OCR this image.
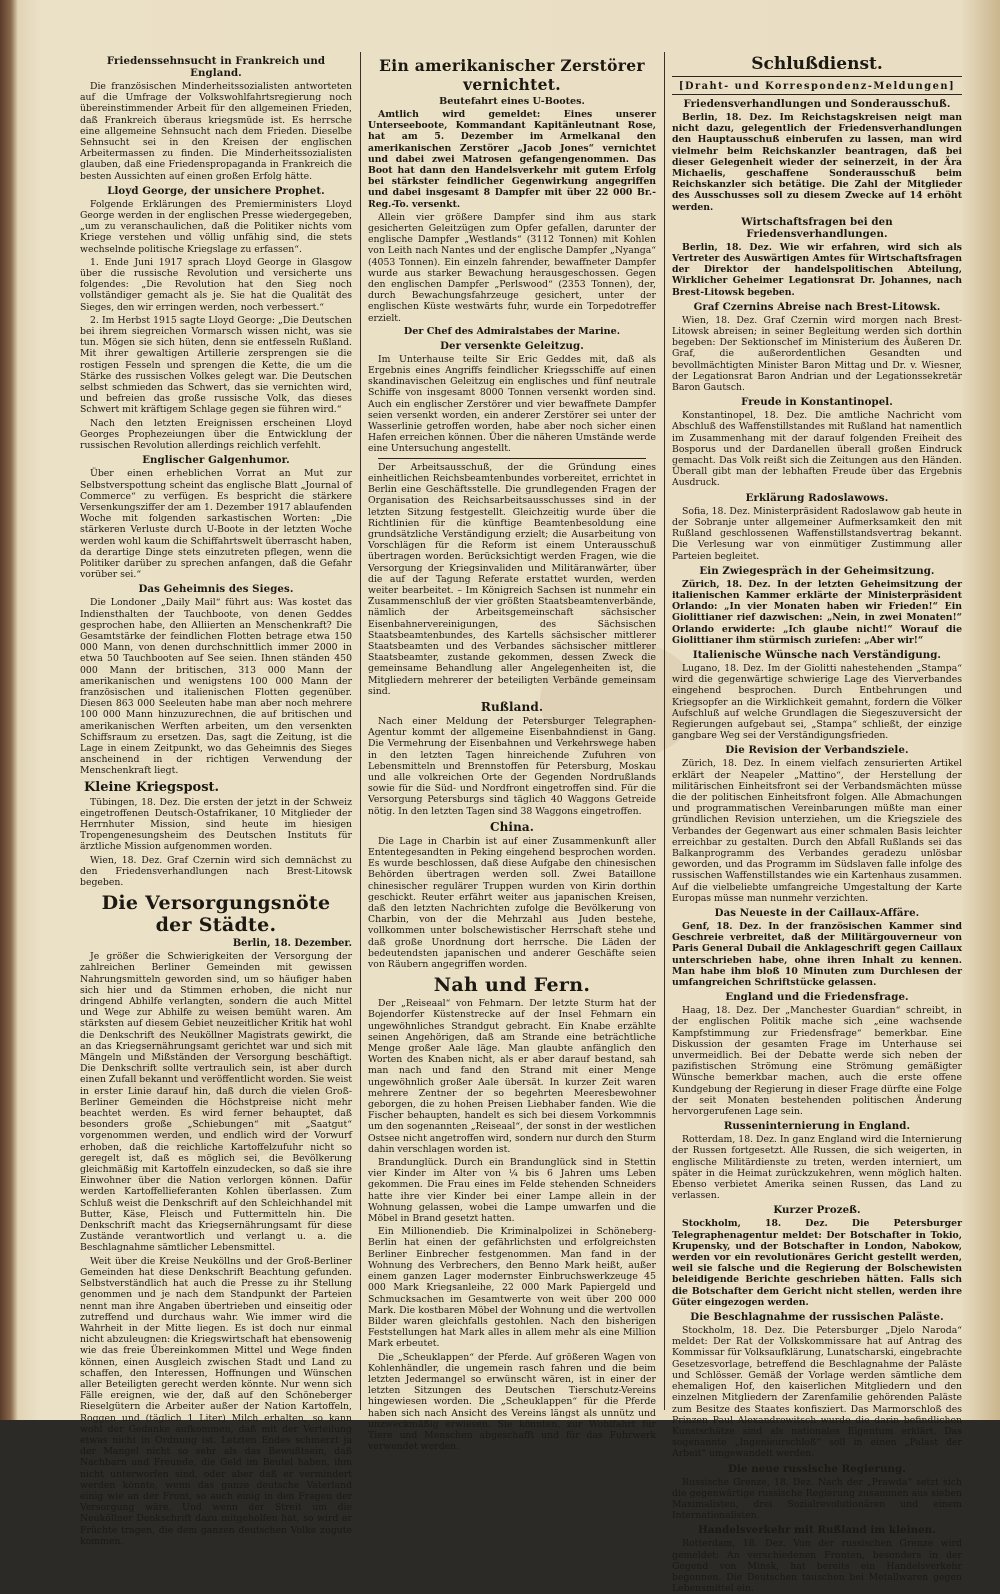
Friedenssehnsucht in Frankreich und England.

Die französischen Minderheitssozialisten antworteten auf die Umfrage der Volkswohlfahrtsregierung noch übereinstimmender Arbeit für den allgemeinen Frieden, daß Frankreich überaus kriegsmüde ist. Es herrsche eine allgemeine Sehnsucht nach dem Frieden. Dieselbe Sehnsucht sei in den Kreisen der englischen Arbeitermassen zu finden. Die Minderheitssozialisten glauben, daß eine Friedenspropaganda in Frankreich die besten Aussichten auf einen großen Erfolg hätte.

Lloyd George, der unsichere Prophet.

Folgende Erklärungen des Premierministers Lloyd George werden in der englischen Presse wiedergegeben, „um zu veranschaulichen, daß die Politiker nichts vom Kriege verstehen und völlig unfähig sind, die stets wechselnde politische Kriegslage zu erfassen“.

1. Ende Juni 1917 sprach Lloyd George in Glasgow über die russische Revolution und versicherte uns folgendes: „Die Revolution hat den Sieg noch vollständiger gemacht als je. Sie hat die Qualität des Sieges, den wir erringen werden, noch verbessert.“

2. Im Herbst 1915 sagte Lloyd George: „Die Deutschen bei ihrem siegreichen Vormarsch wissen nicht, was sie tun. Mögen sie sich hüten, denn sie entfesseln Rußland. Mit ihrer gewaltigen Artillerie zersprengen sie die rostigen Fesseln und sprengen die Kette, die um die Stärke des russischen Volkes gelegt war. Die Deutschen selbst schmieden das Schwert, das sie vernichten wird, und befreien das große russische Volk, das dieses Schwert mit kräftigem Schlage gegen sie führen wird.“

Nach den letzten Ereignissen erscheinen Lloyd Georges Prophezeiungen über die Entwicklung der russischen Revolution allerdings reichlich verfehlt.

Englischer Galgenhumor.

Über einen erheblichen Vorrat an Mut zur Selbstverspottung scheint das englische Blatt „Journal of Commerce“ zu verfügen. Es bespricht die stärkere Versenkungsziffer der am 1. Dezember 1917 ablaufenden Woche mit folgenden sarkastischen Worten: „Die stärkeren Verluste durch U-Boote in der letzten Woche werden wohl kaum die Schiffahrtswelt überrascht haben, da derartige Dinge stets einzutreten pflegen, wenn die Politiker darüber zu sprechen anfangen, daß die Gefahr vorüber sei.“

Das Geheimnis des Sieges.

Die Londoner „Daily Mail“ führt aus: Was kostet das Indiensthalten der Tauchboote, von denen Geddes gesprochen habe, den Alliierten an Menschenkraft? Die Gesamtstärke der feindlichen Flotten betrage etwa 150 000 Mann, von denen durchschnittlich immer 2000 in etwa 50 Tauchbooten auf See seien. Ihnen ständen 450 000 Mann der britischen, 313 000 Mann der amerikanischen und wenigstens 100 000 Mann der französischen und italienischen Flotten gegenüber. Diesen 863 000 Seeleuten habe man aber noch mehrere 100 000 Mann hinzuzurechnen, die auf britischen und amerikanischen Werften arbeiten, um den versenkten Schiffsraum zu ersetzen. Das, sagt die Zeitung, ist die Lage in einem Zeitpunkt, wo das Geheimnis des Sieges anscheinend in der richtigen Verwendung der Menschenkraft liegt.

Kleine Kriegspost.

Tübingen, 18. Dez. Die ersten der jetzt in der Schweiz eingetroffenen Deutsch-Ostafrikaner, 10 Mitglieder der Herrnhuter Mission, sind heute im hiesigen Tropengenesungsheim des Deutschen Instituts für ärztliche Mission aufgenommen worden.

Wien, 18. Dez. Graf Czernin wird sich demnächst zu den Friedensverhandlungen nach Brest-Litowsk begeben.

Die Versorgungsnöte der Städte.
Berlin, 18. Dezember.

Je größer die Schwierigkeiten der Versorgung der zahlreichen Berliner Gemeinden mit gewissen Nahrungsmitteln geworden sind, um so häufiger haben sich hier und da Stimmen erhoben, die nicht nur dringend Abhilfe verlangten, sondern die auch Mittel und Wege zur Abhilfe zu weisen bemüht waren. Am stärksten auf diesem Gebiet neuzeitlicher Kritik hat wohl die Denkschrift des Neuköllner Magistrats gewirkt, die an das Kriegsernährungsamt gerichtet war und sich mit Mängeln und Mißständen der Versorgung beschäftigt. Die Denkschrift sollte vertraulich sein, ist aber durch einen Zufall bekannt und veröffentlicht worden. Sie weist in erster Linie darauf hin, daß durch die vielen Groß-Berliner Gemeinden die Höchstpreise nicht mehr beachtet werden. Es wird ferner behauptet, daß besonders große „Schiebungen“ mit „Saatgut“ vorgenommen werden, und endlich wird der Vorwurf erhoben, daß die reichliche Kartoffelzufuhr nicht so geregelt ist, daß es möglich sei, die Bevölkerung gleichmäßig mit Kartoffeln einzudecken, so daß sie ihre Einwohner über die Nation verlorgen können. Dafür werden Kartoffellieferanten Kohlen überlassen. Zum Schluß weist die Denkschrift auf den Schleichhandel mit Butter, Käse, Fleisch und Futtermitteln hin. Die Denkschrift macht das Kriegsernährungsamt für diese Zustände verantwortlich und verlangt u. a. die Beschlagnahme sämtlicher Lebensmittel.

Weit über die Kreise Neuköllns und der Groß-Berliner Gemeinden hat diese Denkschrift Beachtung gefunden. Selbstverständlich hat auch die Presse zu ihr Stellung genommen und je nach dem Standpunkt der Parteien nennt man ihre Angaben übertrieben und einseitig oder zutreffend und durchaus wahr. Wie immer wird die Wahrheit in der Mitte liegen. Es ist doch nur einmal nicht abzuleugnen: die Kriegswirtschaft hat ebensowenig wie das freie Übereinkommen Mittel und Wege finden können, einen Ausgleich zwischen Stadt und Land zu schaffen, den Interessen, Hoffnungen und Wünschen aller Beteiligten gerecht werden könnte. Nur wenn sich Fälle ereignen, wie der, daß auf den Schöneberger Rieselgütern die Arbeiter außer der Nation Kartoffeln, Roggen und (täglich 1 Liter) Milch erhalten, so kann wohl der Gedanke aufkommen, daß mit der Verteilung etwas nicht in Ordnung ist. Letzten Endes schmerzt ja der Mangel nicht so sehr als das Bewußtsein, daß Nachbarn und Freunde, die Geld im Beutel haben, ihm nicht unterworfen sind, oder aber daß er vermindert werden könnte, wenn das ganze deutsche Vaterland einig wie an der Front, so auch einig in den Fragen der Versorgung wäre. Und wenn der Streit um die Neuköllner Denkschrift dazu mitgeholfen hat, so wird er Früchte tragen, die dem ganzen deutschen Volke zugute kommen.

Ein amerikanischer Zerstörer vernichtet.
Beutefahrt eines U-Bootes.

Amtlich wird gemeldet: Eines unserer Unterseeboote, Kommandant Kapitänleutnant Rose, hat am 5. Dezember im Armelkanal den amerikanischen Zerstörer „Jacob Jones“ vernichtet und dabei zwei Matrosen gefangengenommen. Das Boot hat dann den Handelsverkehr mit gutem Erfolg bei stärkster feindlicher Gegenwirkung angegriffen und dabei insgesamt 8 Dampfer mit über 22 000 Br.-Reg.-To. versenkt.

Allein vier größere Dampfer sind ihm aus stark gesicherten Geleitzügen zum Opfer gefallen, darunter der englische Dampfer „Westlands“ (3112 Tonnen) mit Kohlen von Leith nach Nantes und der englische Dampfer „Nyanga“ (4053 Tonnen). Ein einzeln fahrender, bewaffneter Dampfer wurde aus starker Bewachung herausgeschossen. Gegen den englischen Dampfer „Perlswood“ (2353 Tonnen), der, durch Bewachungsfahrzeuge gesichert, unter der englischen Küste westwärts fuhr, wurde ein Torpedotreffer erzielt.

Der Chef des Admiralstabes der Marine.
Der versenkte Geleitzug.

Im Unterhause teilte Sir Eric Geddes mit, daß als Ergebnis eines Angriffs feindlicher Kriegsschiffe auf einen skandinavischen Geleitzug ein englisches und fünf neutrale Schiffe von insgesamt 8000 Tonnen versenkt worden sind. Auch ein englischer Zerstörer und vier bewaffnete Dampfer seien versenkt worden, ein anderer Zerstörer sei unter der Wasserlinie getroffen worden, habe aber noch sicher einen Hafen erreichen können. Über die näheren Umstände werde eine Untersuchung angestellt.

Der Arbeitsausschuß, der die Gründung eines einheitlichen Reichsbeamtenbundes vorbereitet, errichtet in Berlin eine Geschäftsstelle. Die grundlegenden Fragen der Organisation des Reichsarbeitsausschusses sind in der letzten Sitzung festgestellt. Gleichzeitig wurde über die Richtlinien für die künftige Beamtenbesoldung eine grundsätzliche Verständigung erzielt; die Ausarbeitung von Vorschlägen für die Reform ist einem Unterausschuß übertragen worden. Berücksichtigt werden Fragen, wie die Versorgung der Kriegsinvaliden und Militäranwärter, über die auf der Tagung Referate erstattet wurden, werden weiter bearbeitet. – Im Königreich Sachsen ist nunmehr ein Zusammenschluß der vier größten Staatsbeamtenverbände, nämlich der Arbeitsgemeinschaft sächsischer Eisenbahnervereinigungen, des Sächsischen Staatsbeamtenbundes, des Kartells sächsischer mittlerer Staatsbeamten und des Verbandes sächsischer mittlerer Staatsbeamter, zustande gekommen, dessen Zweck die gemeinsame Behandlung aller Angelegenheiten ist, die Mitgliedern mehrerer der beteiligten Verbände gemeinsam sind.

Rußland.

Nach einer Meldung der Petersburger Telegraphen-Agentur kommt der allgemeine Eisenbahndienst in Gang. Die Vermehrung der Eisenbahnen und Verkehrswege haben in den letzten Tagen hinreichende Zufuhren von Lebensmitteln und Brennstoffen für Petersburg, Moskau und alle volkreichen Orte der Gegenden Nordrußlands sowie für die Süd- und Nordfront eingetroffen sind. Für die Versorgung Petersburgs sind täglich 40 Waggons Getreide nötig. In den letzten Tagen sind 38 Waggons eingetroffen.

China.

Die Lage in Charbin ist auf einer Zusammenkunft aller Ententegesandten in Peking eingehend besprochen worden. Es wurde beschlossen, daß diese Aufgabe den chinesischen Behörden übertragen werden soll. Zwei Bataillone chinesischer regulärer Truppen wurden von Kirin dorthin geschickt. Reuter erfährt weiter aus japanischen Kreisen, daß den letzten Nachrichten zufolge die Bevölkerung von Charbin, von der die Mehrzahl aus Juden bestehe, vollkommen unter bolschewistischer Herrschaft stehe und daß große Unordnung dort herrsche. Die Läden der bedeutendsten japanischen und anderer Geschäfte seien von Räubern angegriffen worden.

Nah und Fern.

Der „Reiseaal“ von Fehmarn. Der letzte Sturm hat der Bojendorfer Küstenstrecke auf der Insel Fehmarn ein ungewöhnliches Strandgut gebracht. Ein Knabe erzählte seinen Angehörigen, daß am Strande eine beträchtliche Menge großer Aale läge. Man glaubte anfänglich den Worten des Knaben nicht, als er aber darauf bestand, sah man nach und fand den Strand mit einer Menge ungewöhnlich großer Aale übersät. In kurzer Zeit waren mehrere Zentner der so begehrten Meeresbewohner geborgen, die zu hohen Preisen Liebhaber fanden. Wie die Fischer behaupten, handelt es sich bei diesem Vorkommnis um den sogenannten „Reiseaal“, der sonst in der westlichen Ostsee nicht angetroffen wird, sondern nur durch den Sturm dahin verschlagen worden ist.

Brandunglück. Durch ein Brandunglück sind in Stettin vier Kinder im Alter von ¼ bis 6 Jahren ums Leben gekommen. Die Frau eines im Felde stehenden Schneiders hatte ihre vier Kinder bei einer Lampe allein in der Wohnung gelassen, wobei die Lampe umwarfen und die Möbel in Brand gesetzt hatten.

Ein Millionendieb. Die Kriminalpolizei in Schöneberg-Berlin hat einen der gefährlichsten und erfolgreichsten Berliner Einbrecher festgenommen. Man fand in der Wohnung des Verbrechers, den Benno Mark heißt, außer einem ganzen Lager modernster Einbruchswerkzeuge 45 000 Mark Kriegsanleihe, 22 000 Mark Papiergeld und Schmucksachen im Gesamtwerte von weit über 200 000 Mark. Die kostbaren Möbel der Wohnung und die wertvollen Bilder waren gleichfalls gestohlen. Nach den bisherigen Feststellungen hat Mark alles in allem mehr als eine Million Mark erbeutet.

Die „Scheuklappen“ der Pferde. Auf größeren Wagen von Kohlenhändler, die ungemein rasch fahren und die beim letzten Jedermangel so erwünscht wären, ist in einer der letzten Sitzungen des Deutschen Tierschutz-Vereins hingewiesen worden. Die „Scheuklappen“ für die Pferde haben sich nach Ansicht des Vereins längst als unnütz und unzweckmäßig erwiesen. Sie könnten, zur Wohlfahrt für Tiere und Menschen abgeschafft und für das Fuhrwerk verwendet werden.

Schlußdienst.
[Draht- und Korrespondenz-Meldungen]
Friedensverhandlungen und Sonderausschuß.

Berlin, 18. Dez. Im Reichstagskreisen neigt man nicht dazu, gelegentlich der Friedensverhandlungen den Hauptausschuß einberufen zu lassen, man wird vielmehr beim Reichskanzler beantragen, daß bei dieser Gelegenheit wieder der seinerzeit, in der Ära Michaelis, geschaffene Sonderausschuß beim Reichskanzler sich betätige. Die Zahl der Mitglieder des Ausschusses soll zu diesem Zwecke auf 14 erhöht werden.

Wirtschaftsfragen bei den Friedensverhandlungen.

Berlin, 18. Dez. Wie wir erfahren, wird sich als Vertreter des Auswärtigen Amtes für Wirtschaftsfragen der Direktor der handelspolitischen Abteilung, Wirklicher Geheimer Legationsrat Dr. Johannes, nach Brest-Litowsk begeben.

Graf Czernins Abreise nach Brest-Litowsk.

Wien, 18. Dez. Graf Czernin wird morgen nach Brest-Litowsk abreisen; in seiner Begleitung werden sich dorthin begeben: Der Sektionschef im Ministerium des Äußeren Dr. Graf, die außerordentlichen Gesandten und bevollmächtigten Minister Baron Mittag und Dr. v. Wiesner, der Legationsrat Baron Andrian und der Legationssekretär Baron Gautsch.

Freude in Konstantinopel.

Konstantinopel, 18. Dez. Die amtliche Nachricht vom Abschluß des Waffenstillstandes mit Rußland hat namentlich im Zusammenhang mit der darauf folgenden Freiheit des Bosporus und der Dardanellen überall großen Eindruck gemacht. Das Volk reißt sich die Zeitungen aus den Händen. Überall gibt man der lebhaften Freude über das Ergebnis Ausdruck.

Erklärung Radoslawows.

Sofia, 18. Dez. Ministerpräsident Radoslawow gab heute in der Sobranje unter allgemeiner Aufmerksamkeit den mit Rußland geschlossenen Waffenstillstandsvertrag bekannt. Die Verlesung war von einmütiger Zustimmung aller Parteien begleitet.

Ein Zwiegespräch in der Geheimsitzung.

Zürich, 18. Dez. In der letzten Geheimsitzung der italienischen Kammer erklärte der Ministerpräsident Orlando: „In vier Monaten haben wir Frieden!“ Ein Giolittianer rief dazwischen: „Nein, in zwei Monaten!“ Orlando erwiderte: „Ich glaube nicht!“ Worauf die Giolittianer ihm stürmisch zuriefen: „Aber wir!“

Italienische Wünsche nach Verständigung.

Lugano, 18. Dez. Im der Giolitti nahestehenden „Stampa“ wird die gegenwärtige schwierige Lage des Vierverbandes eingehend besprochen. Durch Entbehrungen und Kriegsopfer an die Wirklichkeit gemahnt, fordern die Völker Aufschluß auf welche Grundlagen die Siegeszuversicht der Regierungen aufgebaut sei, „Stampa“ schließt, der einzige gangbare Weg sei der Verständigungsfrieden.

Die Revision der Verbandsziele.

Zürich, 18. Dez. In einem vielfach zensurierten Artikel erklärt der Neapeler „Mattino“, der Herstellung der militärischen Einheitsfront sei der Verbandsmächten müsse die der politischen Einheitsfront folgen. Alle Abmachungen und programmatischen Vereinbarungen müßte man einer gründlichen Revision unterziehen, um die Kriegsziele des Verbandes der Gegenwart aus einer schmalen Basis leichter erreichbar zu gestalten. Durch den Abfall Rußlands sei das Balkanprogramm des Verbandes geradezu unlösbar geworden, und das Programm im Südslaven falle infolge des russischen Waffenstillstandes wie ein Kartenhaus zusammen. Auf die vielbeliebte umfangreiche Umgestaltung der Karte Europas müsse man nunmehr verzichten.

Das Neueste in der Caillaux-Affäre.

Genf, 18. Dez. In der französischen Kammer sind Geschreie verbreitet, daß der Militärgouverneur von Paris General Dubail die Anklageschrift gegen Caillaux unterschrieben habe, ohne ihren Inhalt zu kennen. Man habe ihm bloß 10 Minuten zum Durchlesen der umfangreichen Schriftstücke gelassen.

England und die Friedensfrage.

Haag, 18. Dez. Der „Manchester Guardian“ schreibt, in der englischen Politik mache sich „eine wachsende Kampfstimmung zur Friedensfrage“ bemerkbar. Eine Diskussion der gesamten Frage im Unterhause sei unvermeidlich. Bei der Debatte werde sich neben der pazifistischen Strömung eine Strömung gemäßigter Wünsche bemerkbar machen, auch die erste offene Kundgebung der Regierung in dieser Frage dürfte eine Folge der seit Monaten bestehenden politischen Änderung hervorgerufenen Lage sein.

Russeninternierung in England.

Rotterdam, 18. Dez. In ganz England wird die Internierung der Russen fortgesetzt. Alle Russen, die sich weigerten, in englische Militärdienste zu treten, werden interniert, um später in die Heimat zurückzukehren, wenn möglich halten. Ebenso verbietet Amerika seinen Russen, das Land zu verlassen.

Kurzer Prozeß.

Stockholm, 18. Dez. Die Petersburger Telegraphenagentur meldet: Der Botschafter in Tokio, Krupensky, und der Botschafter in London, Nabokow, werden vor ein revolutionäres Gericht gestellt werden, weil sie falsche und die Regierung der Bolschewisten beleidigende Berichte geschrieben hätten. Falls sich die Botschafter dem Gericht nicht stellen, werden ihre Güter eingezogen werden.

Die Beschlagnahme der russischen Paläste.

Stockholm, 18. Dez. Die Petersburger „Djelo Naroda“ meldet: Der Rat der Volkskommissare hat auf Antrag des Kommissar für Volksaufklärung, Lunatscharski, eingebrachte Gesetzesvorlage, betreffend die Beschlagnahme der Paläste und Schlösser. Gemäß der Vorlage werden sämtliche dem ehemaligen Hof, den kaiserlichen Mitgliedern und den einzelnen Mitgliedern der Zarenfamilie gehörenden Paläste zum Besitze des Staates konfisziert. Das Marmorschloß des Prinzen Paul Alexandrowitsch wurde die darin befindlichen Kunstschätze sind als nationales Eigentum erklärt. Das sogenannte „Ingenieurschloß“ soll in einen „Palast der Arbeit“ umgewandelt werden.

Die neue russische Regierung.

Russische Grenze, 18. Dez. Nach der „Prawda“ setzt sich die gegenwärtige russische Regierung zusammen aus sieben Maximalisten, drei Sozialrevolutionären und einem Internationalisten.

Handelsverkehr mit Rußland im kleinen.

Rotterdam, 18. Dez. Von der russischen Grenze wird gemeldet: An verschiedenen Fronten, besonders in der Gegend von Minsk, hat bereits ein Handelsverkehr begonnen. Die Deutschen tauschen bei Metallwaren gegen Lebensmittel ein.
